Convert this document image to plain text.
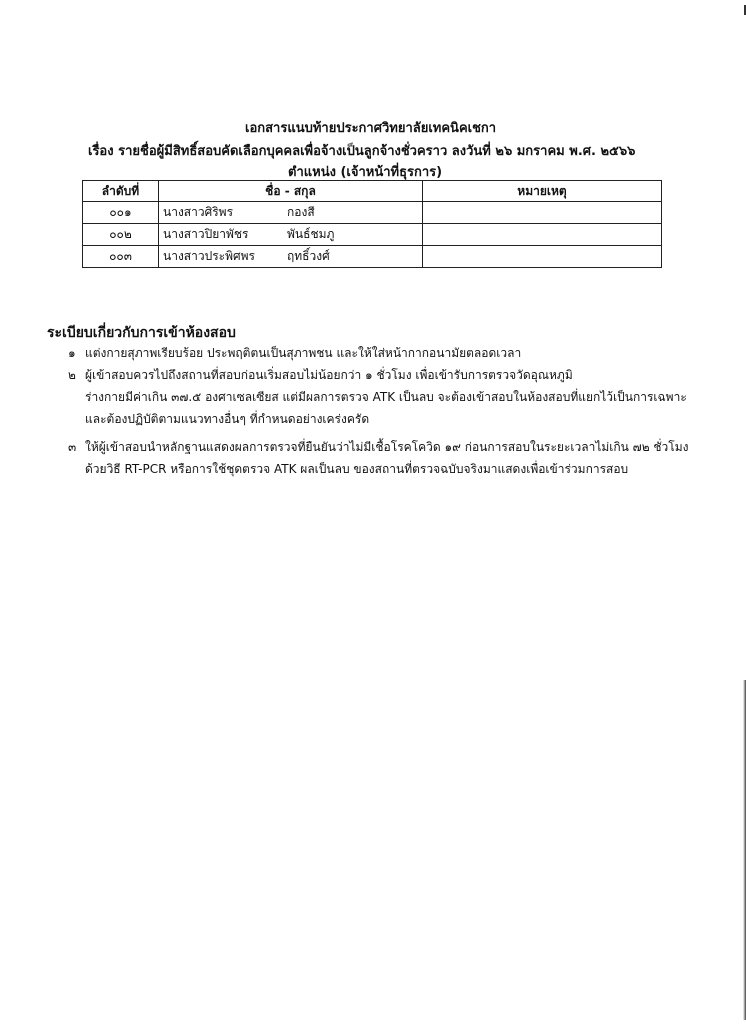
เอกสารแนบท้ายประกาศวิทยาลัยเทคนิคเชกา
เรื่อง รายชื่อผู้มีสิทธิ์สอบคัดเลือกบุคคลเพื่อจ้างเป็นลูกจ้างชั่วคราว ลงวันที่ ๒๖ มกราคม พ.ศ. ๒๕๖๖
ตำแหน่ง (เจ้าหน้าที่ธุรการ)
ลำดับที่	ชื่อ - สกุล	หมายเหตุ
๐๐๑	นางสาวศิริพร กองสี	
๐๐๒	นางสาวปิยาพัชร พันธ์ชมภู	
๐๐๓	นางสาวประพิศพร ฤทธิ์วงศ์	
ระเบียบเกี่ยวกับการเข้าห้องสอบ
๑ แต่งกายสุภาพเรียบร้อย ประพฤติตนเป็นสุภาพชน และให้ใส่หน้ากากอนามัยตลอดเวลา
๒ ผู้เข้าสอบควรไปถึงสถานที่สอบก่อนเริ่มสอบไม่น้อยกว่า ๑ ชั่วโมง เพื่อเข้ารับการตรวจวัดอุณหภูมิ
ร่างกายมีค่าเกิน ๓๗.๕ องศาเซลเซียส แต่มีผลการตรวจ ATK เป็นลบ จะต้องเข้าสอบในห้องสอบที่แยกไว้เป็นการเฉพาะ
และต้องปฏิบัติตามแนวทางอื่นๆ ที่กำหนดอย่างเคร่งครัด
๓ ให้ผู้เข้าสอบนำหลักฐานแสดงผลการตรวจที่ยืนยันว่าไม่มีเชื้อโรคโควิด ๑๙ ก่อนการสอบในระยะเวลาไม่เกิน ๗๒ ชั่วโมง
ด้วยวิธี RT-PCR หรือการใช้ชุดตรวจ ATK ผลเป็นลบ ของสถานที่ตรวจฉบับจริงมาแสดงเพื่อเข้าร่วมการสอบ
